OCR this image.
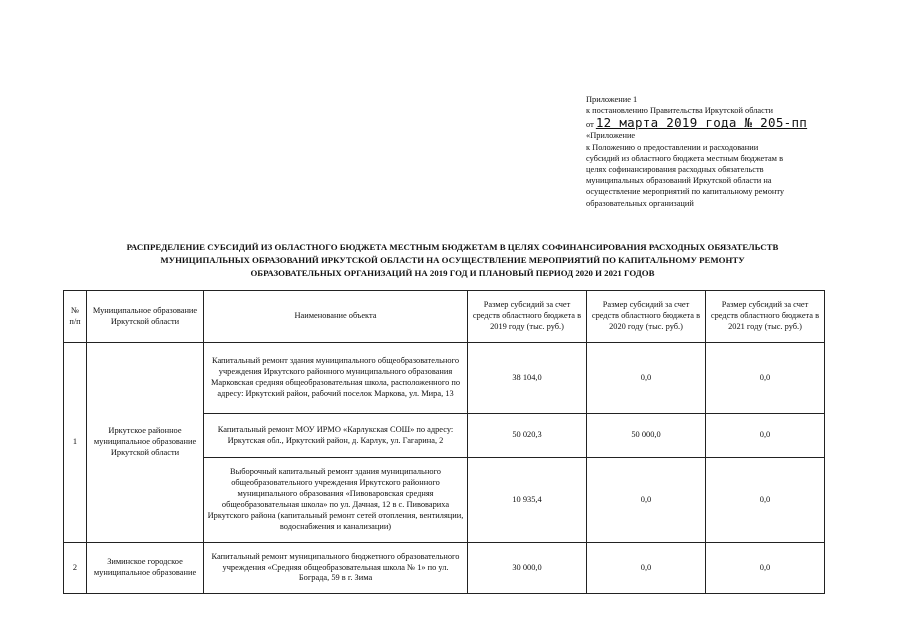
Приложение 1
к постановлению Правительства Иркутской области
от 12 марта 2019 года № 205-пп
«Приложение
к Положению о предоставлении и расходовании
субсидий из областного бюджета местным бюджетам в
целях софинансирования расходных обязательств
муниципальных образований Иркутской области на
осуществление мероприятий по капитальному ремонту
образовательных организаций
РАСПРЕДЕЛЕНИЕ СУБСИДИЙ ИЗ ОБЛАСТНОГО БЮДЖЕТА МЕСТНЫМ БЮДЖЕТАМ В ЦЕЛЯХ СОФИНАНСИРОВАНИЯ РАСХОДНЫХ ОБЯЗАТЕЛЬСТВ
МУНИЦИПАЛЬНЫХ ОБРАЗОВАНИЙ ИРКУТСКОЙ ОБЛАСТИ НА ОСУЩЕСТВЛЕНИЕ МЕРОПРИЯТИЙ ПО КАПИТАЛЬНОМУ РЕМОНТУ
ОБРАЗОВАТЕЛЬНЫХ ОРГАНИЗАЦИЙ НА 2019 ГОД И ПЛАНОВЫЙ ПЕРИОД 2020 И 2021 ГОДОВ
№ п/п	Муниципальное образование Иркутской области	Наименование объекта	Размер субсидий за счет средств областного бюджета в 2019 году (тыс. руб.)	Размер субсидий за счет средств областного бюджета в 2020 году (тыс. руб.)	Размер субсидий за счет средств областного бюджета в 2021 году (тыс. руб.)
1	Иркутское районное муниципальное образование Иркутской области	Капитальный ремонт здания муниципального общеобразовательного учреждения Иркутского районного муниципального образования Марковская средняя общеобразовательная школа, расположенного по адресу: Иркутский район, рабочий поселок Маркова, ул. Мира, 13	38 104,0	0,0	0,0
		Капитальный ремонт МОУ ИРМО «Карлукская СОШ» по адресу: Иркутская обл., Иркутский район, д. Карлук, ул. Гагарина, 2	50 020,3	50 000,0	0,0
		Выборочный капитальный ремонт здания муниципального общеобразовательного учреждения Иркутского районного муниципального образования «Пивоваровская средняя общеобразовательная школа» по ул. Дачная, 12 в с. Пивовариха Иркутского района (капитальный ремонт сетей отопления, вентиляции, водоснабжения и канализации)	10 935,4	0,0	0,0
2	Зиминское городское муниципальное образование	Капитальный ремонт муниципального бюджетного образовательного учреждения «Средняя общеобразовательная школа № 1» по ул. Бограда, 59 в г. Зима	30 000,0	0,0	0,0
